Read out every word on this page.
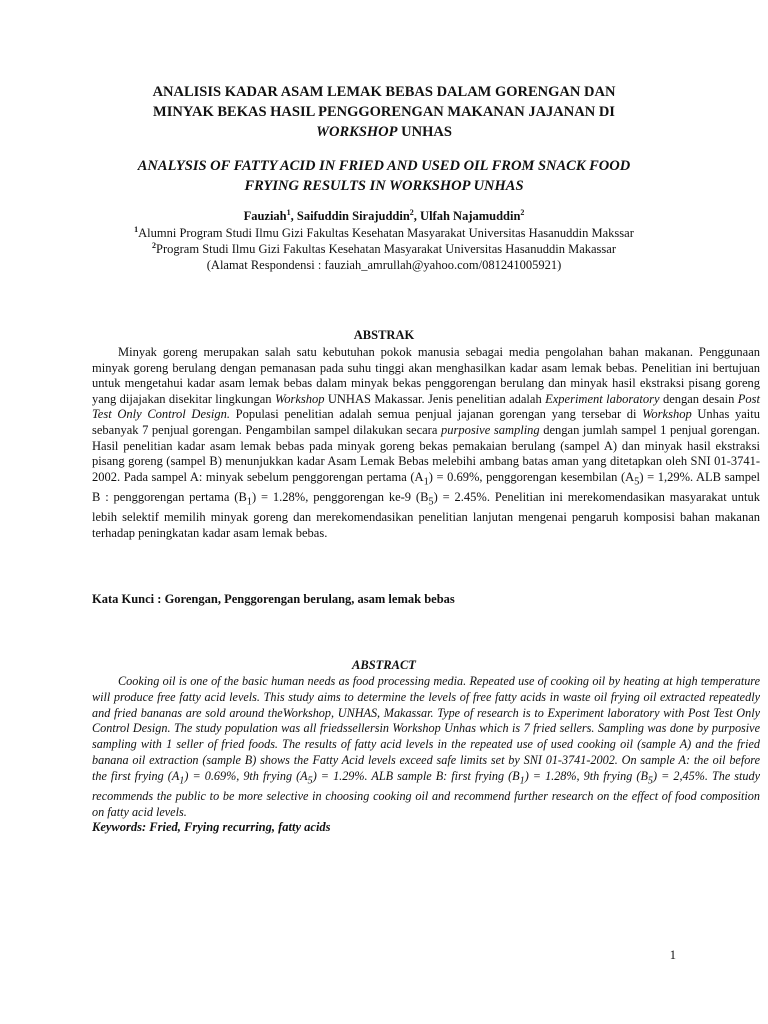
ANALISIS KADAR ASAM LEMAK BEBAS DALAM GORENGAN DAN
MINYAK BEKAS HASIL PENGGORENGAN MAKANAN JAJANAN DI
WORKSHOP UNHAS
ANALYSIS OF FATTY ACID IN FRIED AND USED OIL FROM SNACK FOOD
FRYING RESULTS IN WORKSHOP UNHAS
Fauziah$^1$, Saifuddin Sirajuddin$^2$, Ulfah Najamuddin$^2$
$^1$Alumni Program Studi Ilmu Gizi Fakultas Kesehatan Masyarakat Universitas Hasanuddin Makssar
$^2$Program Studi Ilmu Gizi Fakultas Kesehatan Masyarakat Universitas Hasanuddin Makassar
(Alamat Respondensi : fauziah_amrullah@yahoo.com/081241005921)
ABSTRAK

Minyak goreng merupakan salah satu kebutuhan pokok manusia sebagai media pengolahan bahan makanan. Penggunaan minyak goreng berulang dengan pemanasan pada suhu tinggi akan menghasilkan kadar asam lemak bebas. Penelitian ini bertujuan untuk mengetahui kadar asam lemak bebas dalam minyak bekas penggorengan berulang dan minyak hasil ekstraksi pisang goreng yang dijajakan disekitar lingkungan Workshop UNHAS Makassar. Jenis penelitian adalah Experiment laboratory dengan desain Post Test Only Control Design. Populasi penelitian adalah semua penjual jajanan gorengan yang tersebar di Workshop Unhas yaitu sebanyak 7 penjual gorengan. Pengambilan sampel dilakukan secara purposive sampling dengan jumlah sampel 1 penjual gorengan. Hasil penelitian kadar asam lemak bebas pada minyak goreng bekas pemakaian berulang (sampel A) dan minyak hasil ekstraksi pisang goreng (sampel B) menunjukkan kadar Asam Lemak Bebas melebihi ambang batas aman yang ditetapkan oleh SNI 01-3741-2002. Pada sampel A: minyak sebelum penggorengan pertama $(A_1) = 0.69\%$, penggorengan kesembilan $(A_5) = 1,29\%$. ALB sampel B : penggorengan pertama $(B_1) = 1.28\%$, penggorengan ke-9 $(B_5) = 2.45\%$. Penelitian ini merekomendasikan masyarakat untuk lebih selektif memilih minyak goreng dan merekomendasikan penelitian lanjutan mengenai pengaruh komposisi bahan makanan terhadap peningkatan kadar asam lemak bebas.

Kata Kunci : Gorengan, Penggorengan berulang, asam lemak bebas
ABSTRACT

Cooking oil is one of the basic human needs as food processing media. Repeated use of cooking oil by heating at high temperature will produce free fatty acid levels. This study aims to determine the levels of free fatty acids in waste oil frying oil extracted repeatedly and fried bananas are sold around theWorkshop, UNHAS, Makassar. Type of research is to Experiment laboratory with Post Test Only Control Design. The study population was all friedssellersin Workshop Unhas which is 7 fried sellers. Sampling was done by purposive sampling with 1 seller of fried foods. The results of fatty acid levels in the repeated use of used cooking oil (sample A) and the fried banana oil extraction (sample B) shows the Fatty Acid levels exceed safe limits set by SNI 01-3741-2002. On sample A: the oil before the first frying $(A_1) = 0.69\%$, 9th frying $(A_5) = 1.29\%$. ALB sample B: first frying $(B_1) = 1.28\%$, 9th frying $(B_5) = 2,45\%$. The study recommends the public to be more selective in choosing cooking oil and recommend further research on the effect of food composition on fatty acid levels.

Keywords: Fried, Frying recurring, fatty acids
1
